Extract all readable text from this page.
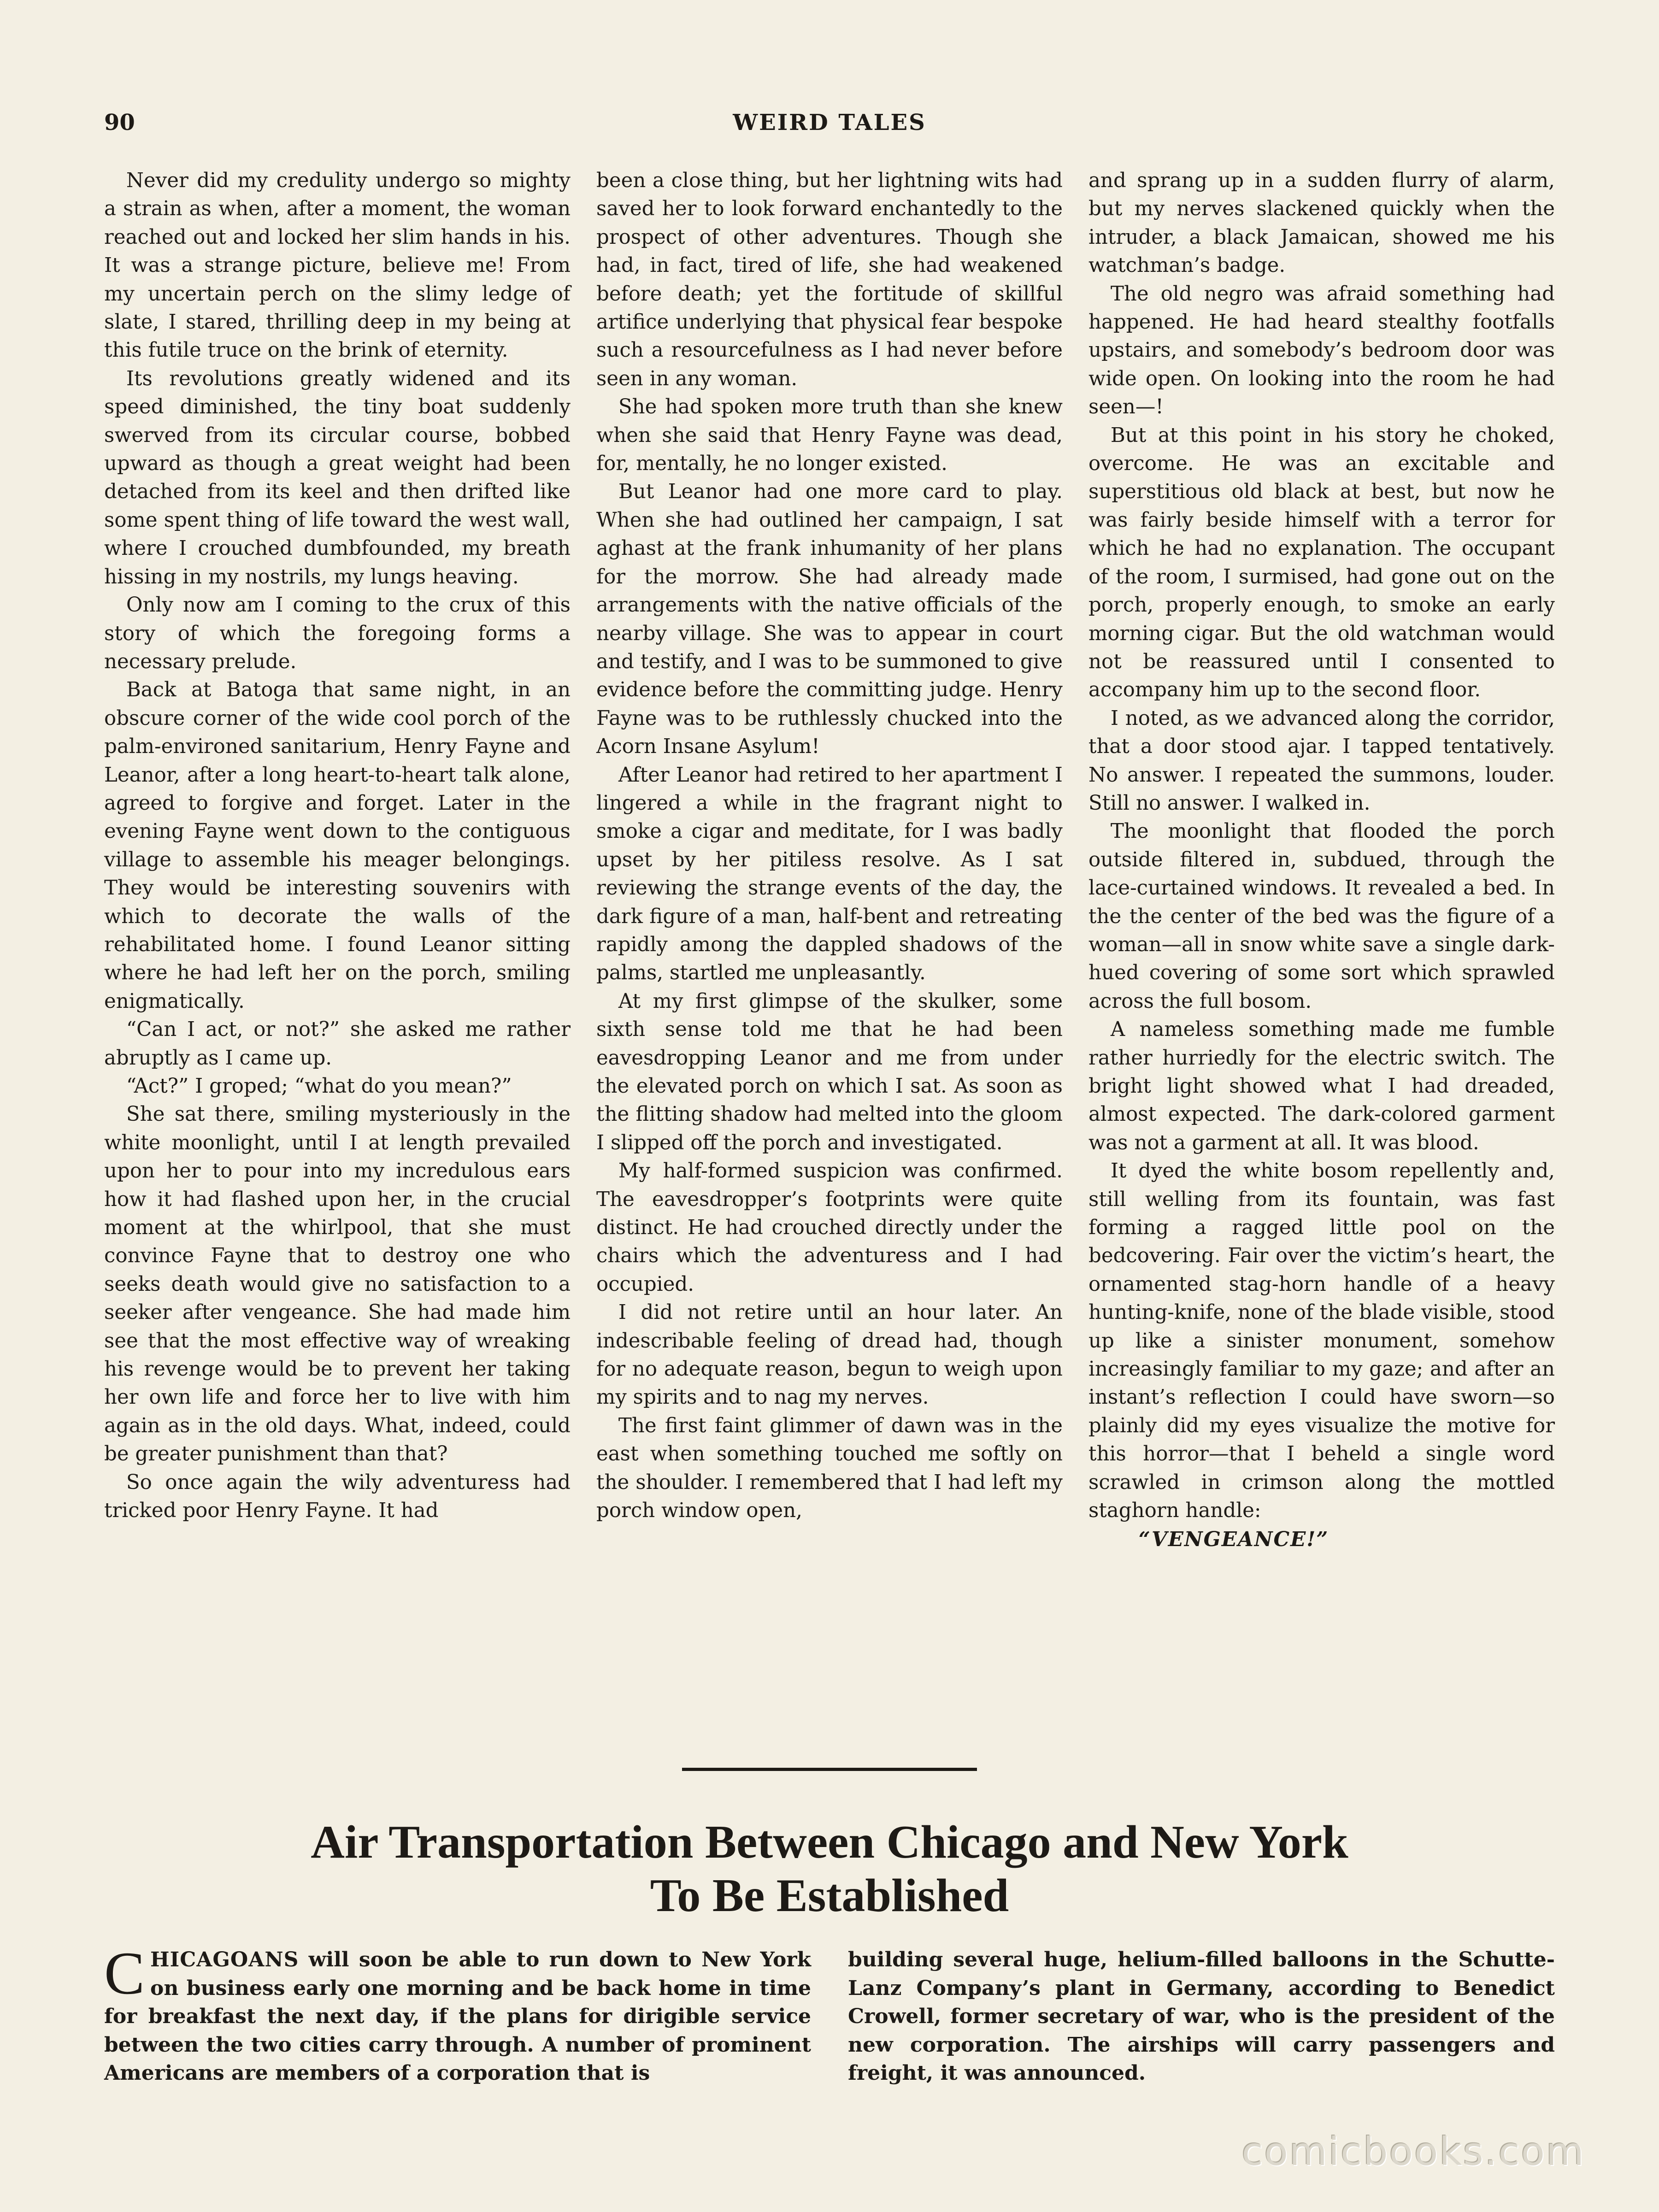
90	WEIRD TALES

Never did my credulity undergo so mighty a strain as when, after a moment, the woman reached out and locked her slim hands in his. It was a strange picture, believe me! From my uncertain perch on the slimy ledge of slate, I stared, thrilling deep in my being at this futile truce on the brink of eternity.

Its revolutions greatly widened and its speed diminished, the tiny boat suddenly swerved from its circular course, bobbed upward as though a great weight had been detached from its keel and then drifted like some spent thing of life toward the west wall, where I crouched dumbfounded, my breath hissing in my nostrils, my lungs heaving.

Only now am I coming to the crux of this story of which the foregoing forms a necessary prelude.

Back at Batoga that same night, in an obscure corner of the wide cool porch of the palm-environed sanitarium, Henry Fayne and Leanor, after a long heart-to-heart talk alone, agreed to forgive and forget. Later in the evening Fayne went down to the contiguous village to assemble his meager belongings. They would be interesting souvenirs with which to decorate the walls of the rehabilitated home. I found Leanor sitting where he had left her on the porch, smiling enigmatically.

“Can I act, or not?” she asked me rather abruptly as I came up.

“Act?” I groped; “what do you mean?”

She sat there, smiling mysteriously in the white moonlight, until I at length prevailed upon her to pour into my incredulous ears how it had flashed upon her, in the crucial moment at the whirlpool, that she must convince Fayne that to destroy one who seeks death would give no satisfaction to a seeker after vengeance. She had made him see that the most effective way of wreaking his revenge would be to prevent her taking her own life and force her to live with him again as in the old days. What, indeed, could be greater punishment than that?

So once again the wily adventuress had tricked poor Henry Fayne. It had

been a close thing, but her lightning wits had saved her to look forward enchantedly to the prospect of other adventures. Though she had, in fact, tired of life, she had weakened before death; yet the fortitude of skillful artifice underlying that physical fear bespoke such a resourcefulness as I had never before seen in any woman.

She had spoken more truth than she knew when she said that Henry Fayne was dead, for, mentally, he no longer existed.

But Leanor had one more card to play. When she had outlined her campaign, I sat aghast at the frank inhumanity of her plans for the morrow. She had already made arrangements with the native officials of the nearby village. She was to appear in court and testify, and I was to be summoned to give evidence before the committing judge. Henry Fayne was to be ruthlessly chucked into the Acorn Insane Asylum!

After Leanor had retired to her apartment I lingered a while in the fragrant night to smoke a cigar and meditate, for I was badly upset by her pitiless resolve. As I sat reviewing the strange events of the day, the dark figure of a man, half-bent and retreating rapidly among the dappled shadows of the palms, startled me unpleasantly.

At my first glimpse of the skulker, some sixth sense told me that he had been eavesdropping Leanor and me from under the elevated porch on which I sat. As soon as the flitting shadow had melted into the gloom I slipped off the porch and investigated.

My half-formed suspicion was confirmed. The eavesdropper’s footprints were quite distinct. He had crouched directly under the chairs which the adventuress and I had occupied.

I did not retire until an hour later. An indescribable feeling of dread had, though for no adequate reason, begun to weigh upon my spirits and to nag my nerves.

The first faint glimmer of dawn was in the east when something touched me softly on the shoulder. I remembered that I had left my porch window open,

and sprang up in a sudden flurry of alarm, but my nerves slackened quickly when the intruder, a black Jamaican, showed me his watchman’s badge.

The old negro was afraid something had happened. He had heard stealthy footfalls upstairs, and somebody’s bedroom door was wide open. On looking into the room he had seen—!

But at this point in his story he choked, overcome. He was an excitable and superstitious old black at best, but now he was fairly beside himself with a terror for which he had no explanation. The occupant of the room, I surmised, had gone out on the porch, properly enough, to smoke an early morning cigar. But the old watchman would not be reassured until I consented to accompany him up to the second floor.

I noted, as we advanced along the corridor, that a door stood ajar. I tapped tentatively. No answer. I repeated the summons, louder. Still no answer. I walked in.

The moonlight that flooded the porch outside filtered in, subdued, through the lace-curtained windows. It revealed a bed. In the the center of the bed was the figure of a woman—all in snow white save a single dark-hued covering of some sort which sprawled across the full bosom.

A nameless something made me fumble rather hurriedly for the electric switch. The bright light showed what I had dreaded, almost expected. The dark-colored garment was not a garment at all. It was blood.

It dyed the white bosom repellently and, still welling from its fountain, was fast forming a ragged little pool on the bedcovering. Fair over the victim’s heart, the ornamented stag-horn handle of a heavy hunting-knife, none of the blade visible, stood up like a sinister monument, somehow increasingly familiar to my gaze; and after an instant’s reflection I could have sworn—so plainly did my eyes visualize the motive for this horror—that I beheld a single word scrawled in crimson along the mottled staghorn handle:

“VENGEANCE!”

Air Transportation Between Chicago and New York
To Be Established

CHICAGOANS will soon be able to run down to New York on business early one morning and be back home in time for breakfast the next day, if the plans for dirigible service between the two cities carry through. A number of prominent Americans are members of a corporation that is

building several huge, helium-filled balloons in the Schutte-Lanz Company’s plant in Germany, according to Benedict Crowell, former secretary of war, who is the president of the new corporation. The airships will carry passengers and freight, it was announced.

comicbooks.com
